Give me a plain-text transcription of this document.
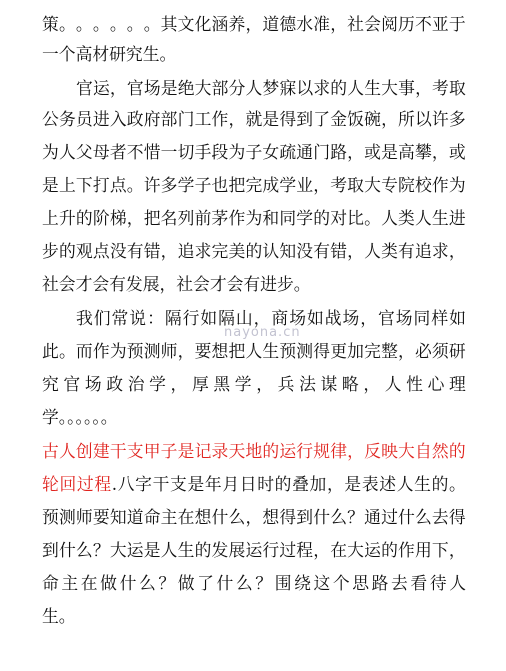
策 。 。 。 。 。 。 其 文 化 涵 养 ， 道 德 水 准 ， 社 会 阅 历 不 亚 于
一个高材研究生。
官 运 ， 官 场 是 绝 大 部 分 人 梦 寐 以 求 的 人 生 大 事 ， 考 取
公 务 员 进 入 政 府 部 门 工 作 ， 就 是 得 到 了 金 饭 碗 ， 所 以 许 多
为 人 父 母 者 不 惜 一 切 手 段 为 子 女 疏 通 门 路 ， 或 是 高 攀 ， 或
是 上 下 打 点 。 许 多 学 子 也 把 完 成 学 业 ， 考 取 大 专 院 校 作 为
上 升 的 阶 梯 ， 把 名 列 前 茅 作 为 和 同 学 的 对 比 。 人 类 人 生 进
步 的 观 点 没 有 错 ， 追 求 完 美 的 认 知 没 有 错 ， 人 类 有 追 求 ，
社会才会有发展，社会才会有进步。
我 们 常 说 ： 隔 行 如 隔 山 ， 商 场 如 战 场 ， 官 场 同 样 如
此 。 而 作 为 预 测 师 ， 要 想 把 人 生 预 测 得 更 加 完 整 ， 必 须 研
究 官 场 政 治 学 ， 厚 黑 学 ， 兵 法 谋 略 ， 人 性 心 理
学。。。。。。
古 人 创 建 干 支 甲 子 是 记 录 天 地 的 运 行 规 律 ， 反 映 大 自 然 的
轮 回 过 程 . 八 字 干 支 是 年 月 日 时 的 叠 加 ， 是 表 述 人 生 的 。
预 测 师 要 知 道 命 主 在 想 什 么 ， 想 得 到 什 么 ？ 通 过 什 么 去 得
到 什 么 ？ 大 运 是 人 生 的 发 展 运 行 过 程 ， 在 大 运 的 作 用 下 ，
命 主 在 做 什 么 ？ 做 了 什 么 ？ 围 绕 这 个 思 路 去 看 待 人
生。
nayona.cn
